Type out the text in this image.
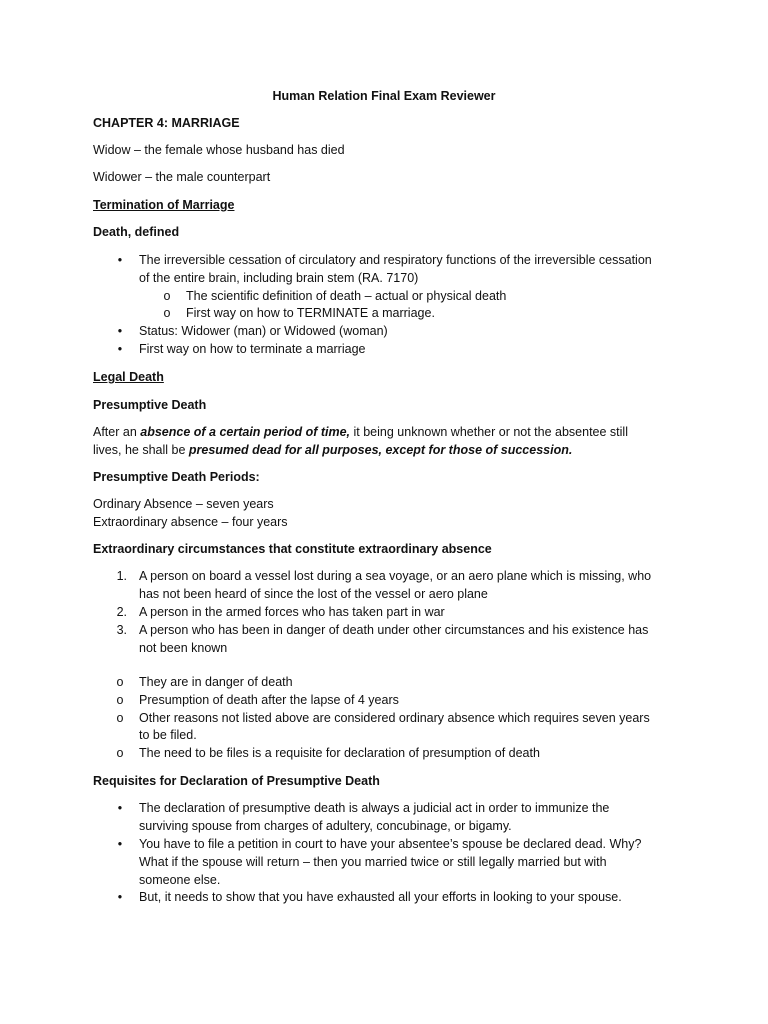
Human Relation Final Exam Reviewer
CHAPTER 4: MARRIAGE
Widow – the female whose husband has died
Widower – the male counterpart
Termination of Marriage
Death, defined
•	The irreversible cessation of circulatory and respiratory functions of the irreversible cessation
of the entire brain, including brain stem (RA. 7170)
o The scientific definition of death – actual or physical death
o First way on how to TERMINATE a marriage.
•	Status: Widower (man) or Widowed (woman)
•	First way on how to terminate a marriage
Legal Death
Presumptive Death
After an absence of a certain period of time, it being unknown whether or not the absentee still
lives, he shall be presumed dead for all purposes, except for those of succession.
Presumptive Death Periods:
Ordinary Absence – seven years
Extraordinary absence – four years
Extraordinary circumstances that constitute extraordinary absence
1. A person on board a vessel lost during a sea voyage, or an aero plane which is missing, who
has not been heard of since the lost of the vessel or aero plane
2. A person in the armed forces who has taken part in war
3. A person who has been in danger of death under other circumstances and his existence has
not been known
o They are in danger of death
o Presumption of death after the lapse of 4 years
o Other reasons not listed above are considered ordinary absence which requires seven years
to be filed.
o The need to be files is a requisite for declaration of presumption of death
Requisites for Declaration of Presumptive Death
•	The declaration of presumptive death is always a judicial act in order to immunize the
surviving spouse from charges of adultery, concubinage, or bigamy.
•	You have to file a petition in court to have your absentee’s spouse be declared dead. Why?
What if the spouse will return – then you married twice or still legally married but with
someone else.
•	But, it needs to show that you have exhausted all your efforts in looking to your spouse.
